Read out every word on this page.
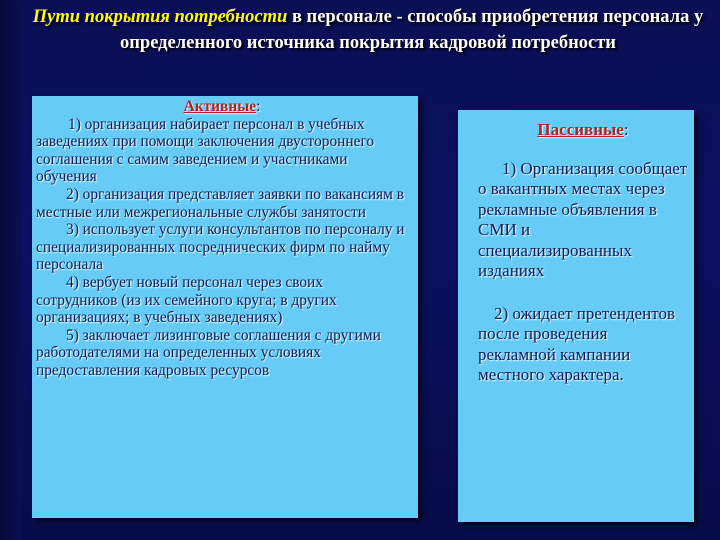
Пути покрытия потребности в персонале - способы приобретения персонала у определенного источника покрытия кадровой потребности
Активные:

1) организация набирает персонал в учебных заведениях при помощи заключения двустороннего соглашения с самим заведением и участниками обучения

2) организация представляет заявки по вакансиям в местные или межрегиональные службы занятости

3) использует услуги консультантов по персоналу и специализированных посреднических фирм по найму персонала

4) вербует новый персонал через своих сотрудников (из их семейного круга; в других организациях; в учебных заведениях)

5) заключает лизинговые соглашения с другими работодателями на определенных условиях предоставления кадровых ресурсов

Пассивные:

1) Организация сообщает о вакантных местах через рекламные объявления в СМИ и специализированных изданиях

2) ожидает претендентов после проведения рекламной кампании местного характера.
